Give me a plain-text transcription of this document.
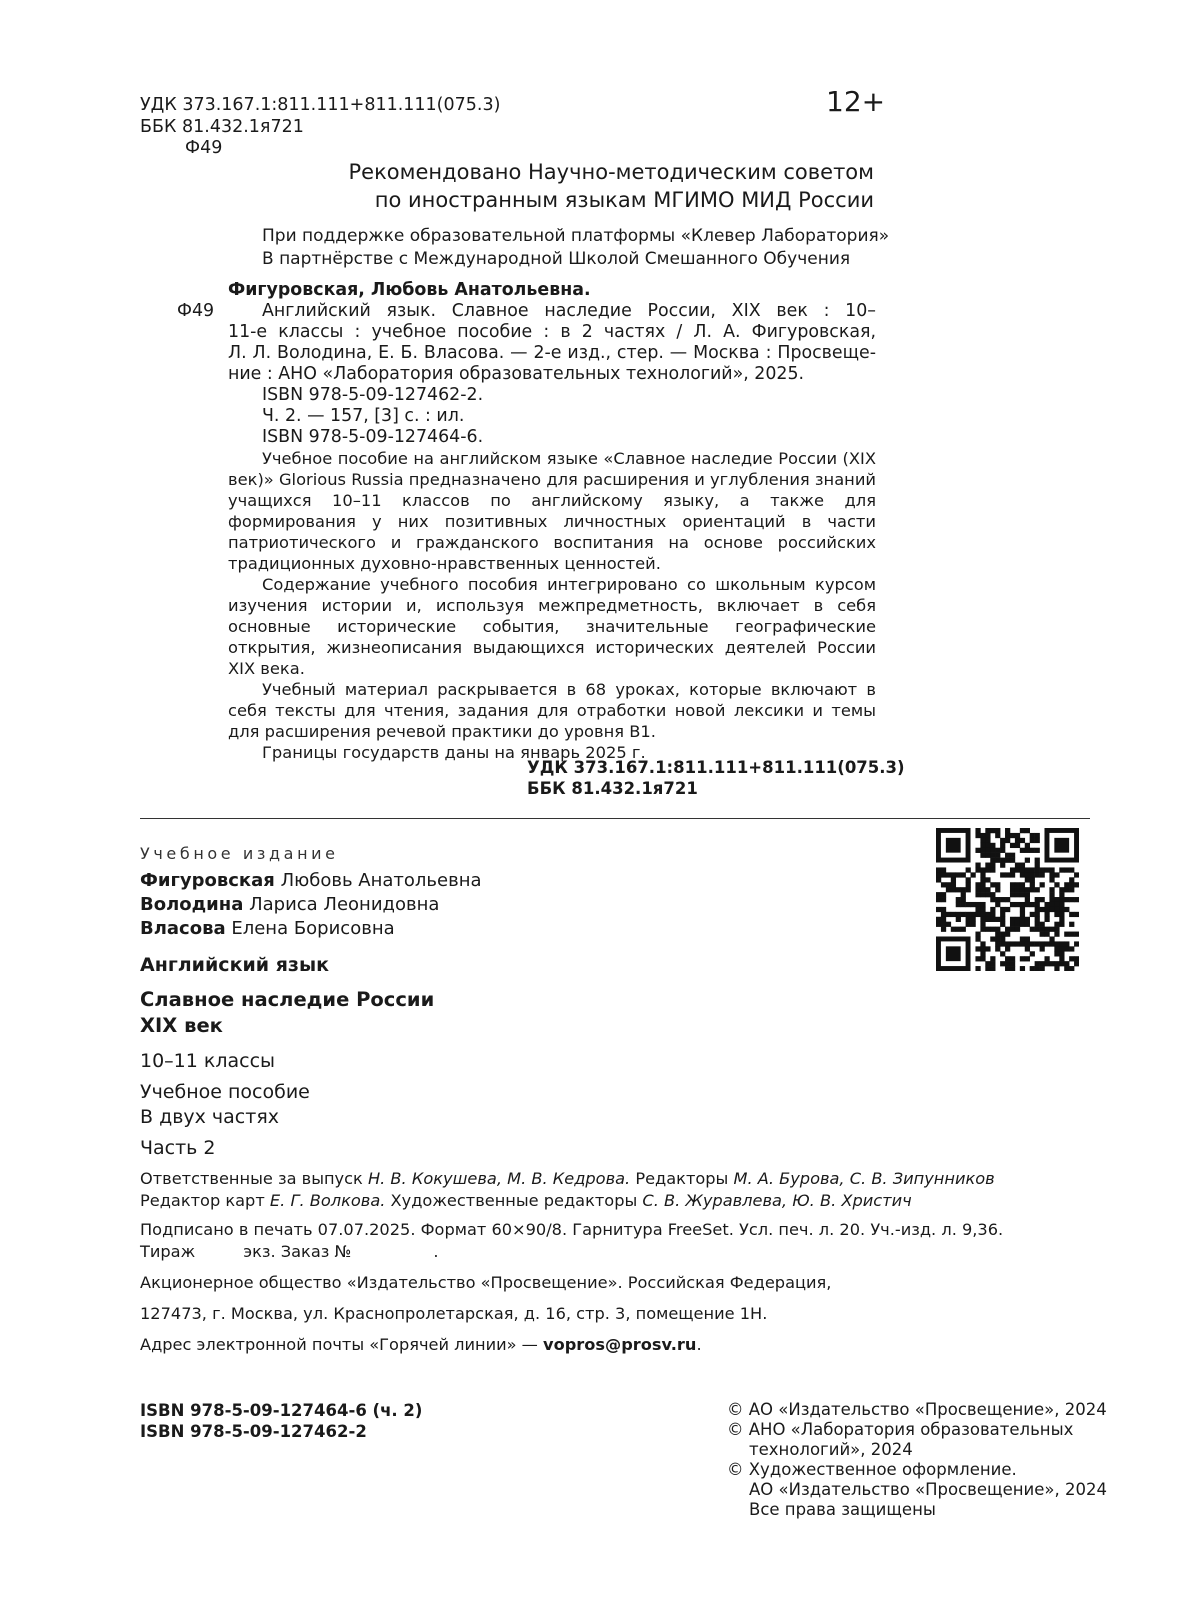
УДК 373.167.1:811.111+811.111(075.3)
ББК 81.432.1я721
Ф49
12+
Рекомендовано Научно-методическим советом
по иностранным языкам МГИМО МИД России
При поддержке образовательной платформы «Клевер Лаборатория»
В партнёрстве с Международной Школой Смешанного Обучения
Фигуровская, Любовь Анатольевна.
Ф49	Английский язык. Славное наследие России, XIX век : 10–
11-е классы : учебное пособие : в 2 частях / Л. А. Фигуровская,
Л. Л. Володина, Е. Б. Власова. — 2-е изд., стер. — Москва : Просвеще-
ние : АНО «Лаборатория образовательных технологий», 2025.
ISBN 978-5-09-127462-2.
Ч. 2. — 157, [3] с. : ил.
ISBN 978-5-09-127464-6.

Учебное пособие на английском языке «Славное наследие России (XIX век)» Glorious Russia предназначено для расширения и углубления знаний учащихся 10–11 классов по английскому языку, а также для формирования у них позитивных личностных ориентаций в части патриотического и гражданского воспитания на основе российских традиционных духовно-нравственных ценностей.

Содержание учебного пособия интегрировано со школьным курсом изучения истории и, используя межпредметность, включает в себя основные исторические события, значительные географические открытия, жизнеописания выдающихся исторических деятелей России XIX века.

Учебный материал раскрывается в 68 уроках, которые включают в себя тексты для чтения, задания для отработки новой лексики и темы для расширения речевой практики до уровня B1.

Границы государств даны на январь 2025 г.

УДК 373.167.1:811.111+811.111(075.3)
ББК 81.432.1я721
Учебное издание
Фигуровская Любовь Анатольевна
Володина Лариса Леонидовна
Власова Елена Борисовна
Английский язык
Славное наследие России
XIX век
10–11 классы
Учебное пособие
В двух частях
Часть 2
Ответственные за выпуск Н. В. Кокушева, М. В. Кедрова. Редакторы М. А. Бурова, С. В. Зипунников
Редактор карт Е. Г. Волкова. Художественные редакторы С. В. Журавлева, Ю. В. Христич
Подписано в печать 07.07.2025. Формат 60×90/8. Гарнитура FreeSet. Усл. печ. л. 20. Уч.-изд. л. 9,36.
Тираж	экз. Заказ №	.
Акционерное общество «Издательство «Просвещение». Российская Федерация,
127473, г. Москва, ул. Краснопролетарская, д. 16, стр. 3, помещение 1Н.
Адрес электронной почты «Горячей линии» — vopros@prosv.ru.
ISBN 978-5-09-127464-6 (ч. 2)
ISBN 978-5-09-127462-2
© АО «Издательство «Просвещение», 2024
© АНО «Лаборатория образовательных
технологий», 2024
© Художественное оформление.
АО «Издательство «Просвещение», 2024
Все права защищены
